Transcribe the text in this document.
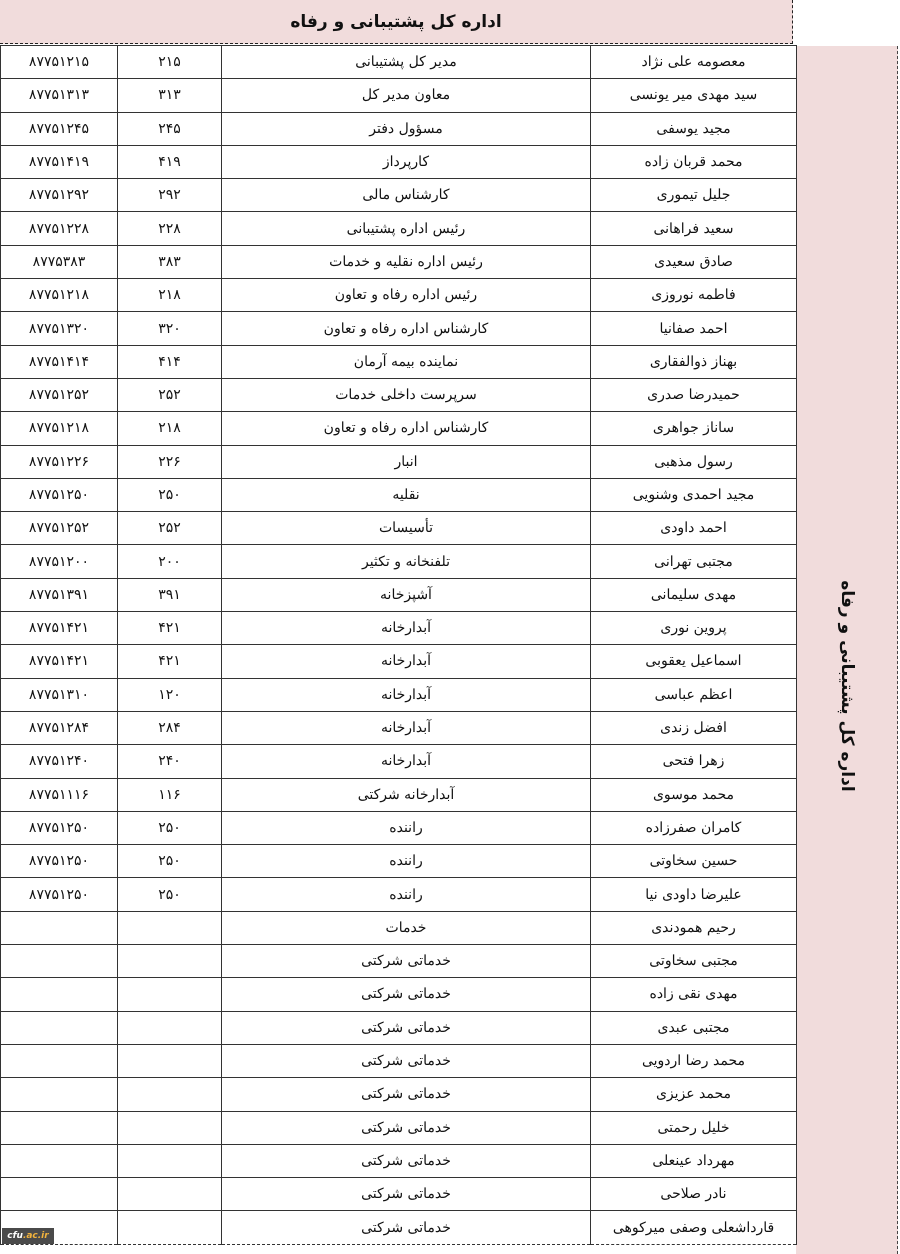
اداره کل پشتیبانی و رفاه
اداره کل پشتیبانی و رفاه
۸۷۷۵۱۲۱۵	۲۱۵	مدیر کل پشتیبانی	معصومه علی نژاد
۸۷۷۵۱۳۱۳	۳۱۳	معاون مدیر کل	سید مهدی میر یونسی
۸۷۷۵۱۲۴۵	۲۴۵	مسؤول دفتر	مجید یوسفی
۸۷۷۵۱۴۱۹	۴۱۹	کارپرداز	محمد قربان زاده
۸۷۷۵۱۲۹۲	۲۹۲	کارشناس مالی	جلیل تیموری
۸۷۷۵۱۲۲۸	۲۲۸	رئیس اداره پشتیبانی	سعید فراهانی
۸۷۷۵۳۸۳	۳۸۳	رئیس اداره نقلیه و خدمات	صادق سعیدی
۸۷۷۵۱۲۱۸	۲۱۸	رئیس اداره رفاه و تعاون	فاطمه نوروزی
۸۷۷۵۱۳۲۰	۳۲۰	کارشناس اداره رفاه و تعاون	احمد صفانیا
۸۷۷۵۱۴۱۴	۴۱۴	نماینده بیمه آرمان	بهناز ذوالفقاری
۸۷۷۵۱۲۵۲	۲۵۲	سرپرست داخلی خدمات	حمیدرضا صدری
۸۷۷۵۱۲۱۸	۲۱۸	کارشناس اداره رفاه و تعاون	ساناز جواهری
۸۷۷۵۱۲۲۶	۲۲۶	انبار	رسول مذهبی
۸۷۷۵۱۲۵۰	۲۵۰	نقلیه	مجید احمدی وشنویی
۸۷۷۵۱۲۵۲	۲۵۲	تأسیسات	احمد داودی
۸۷۷۵۱۲۰۰	۲۰۰	تلفنخانه و تکثیر	مجتبی تهرانی
۸۷۷۵۱۳۹۱	۳۹۱	آشپزخانه	مهدی سلیمانی
۸۷۷۵۱۴۲۱	۴۲۱	آبدارخانه	پروین نوری
۸۷۷۵۱۴۲۱	۴۲۱	آبدارخانه	اسماعیل یعقوبی
۸۷۷۵۱۳۱۰	۱۲۰	آبدارخانه	اعظم عباسی
۸۷۷۵۱۲۸۴	۲۸۴	آبدارخانه	افضل زندی
۸۷۷۵۱۲۴۰	۲۴۰	آبدارخانه	زهرا فتحی
۸۷۷۵۱۱۱۶	۱۱۶	آبدارخانه شرکتی	محمد موسوی
۸۷۷۵۱۲۵۰	۲۵۰	راننده	کامران صفرزاده
۸۷۷۵۱۲۵۰	۲۵۰	راننده	حسین سخاوتی
۸۷۷۵۱۲۵۰	۲۵۰	راننده	علیرضا داودی نیا
		خدمات	رحیم همودندی
		خدماتی شرکتی	مجتبی سخاوتی
		خدماتی شرکتی	مهدی نقی زاده
		خدماتی شرکتی	مجتبی عبدی
		خدماتی شرکتی	محمد رضا اردویی
		خدماتی شرکتی	محمد عزیزی
		خدماتی شرکتی	خلیل رحمتی
		خدماتی شرکتی	مهرداد عینعلی
		خدماتی شرکتی	نادر صلاحی
		خدماتی شرکتی	قارداشعلی وصفی میرکوهی
cfu.ac.ir
